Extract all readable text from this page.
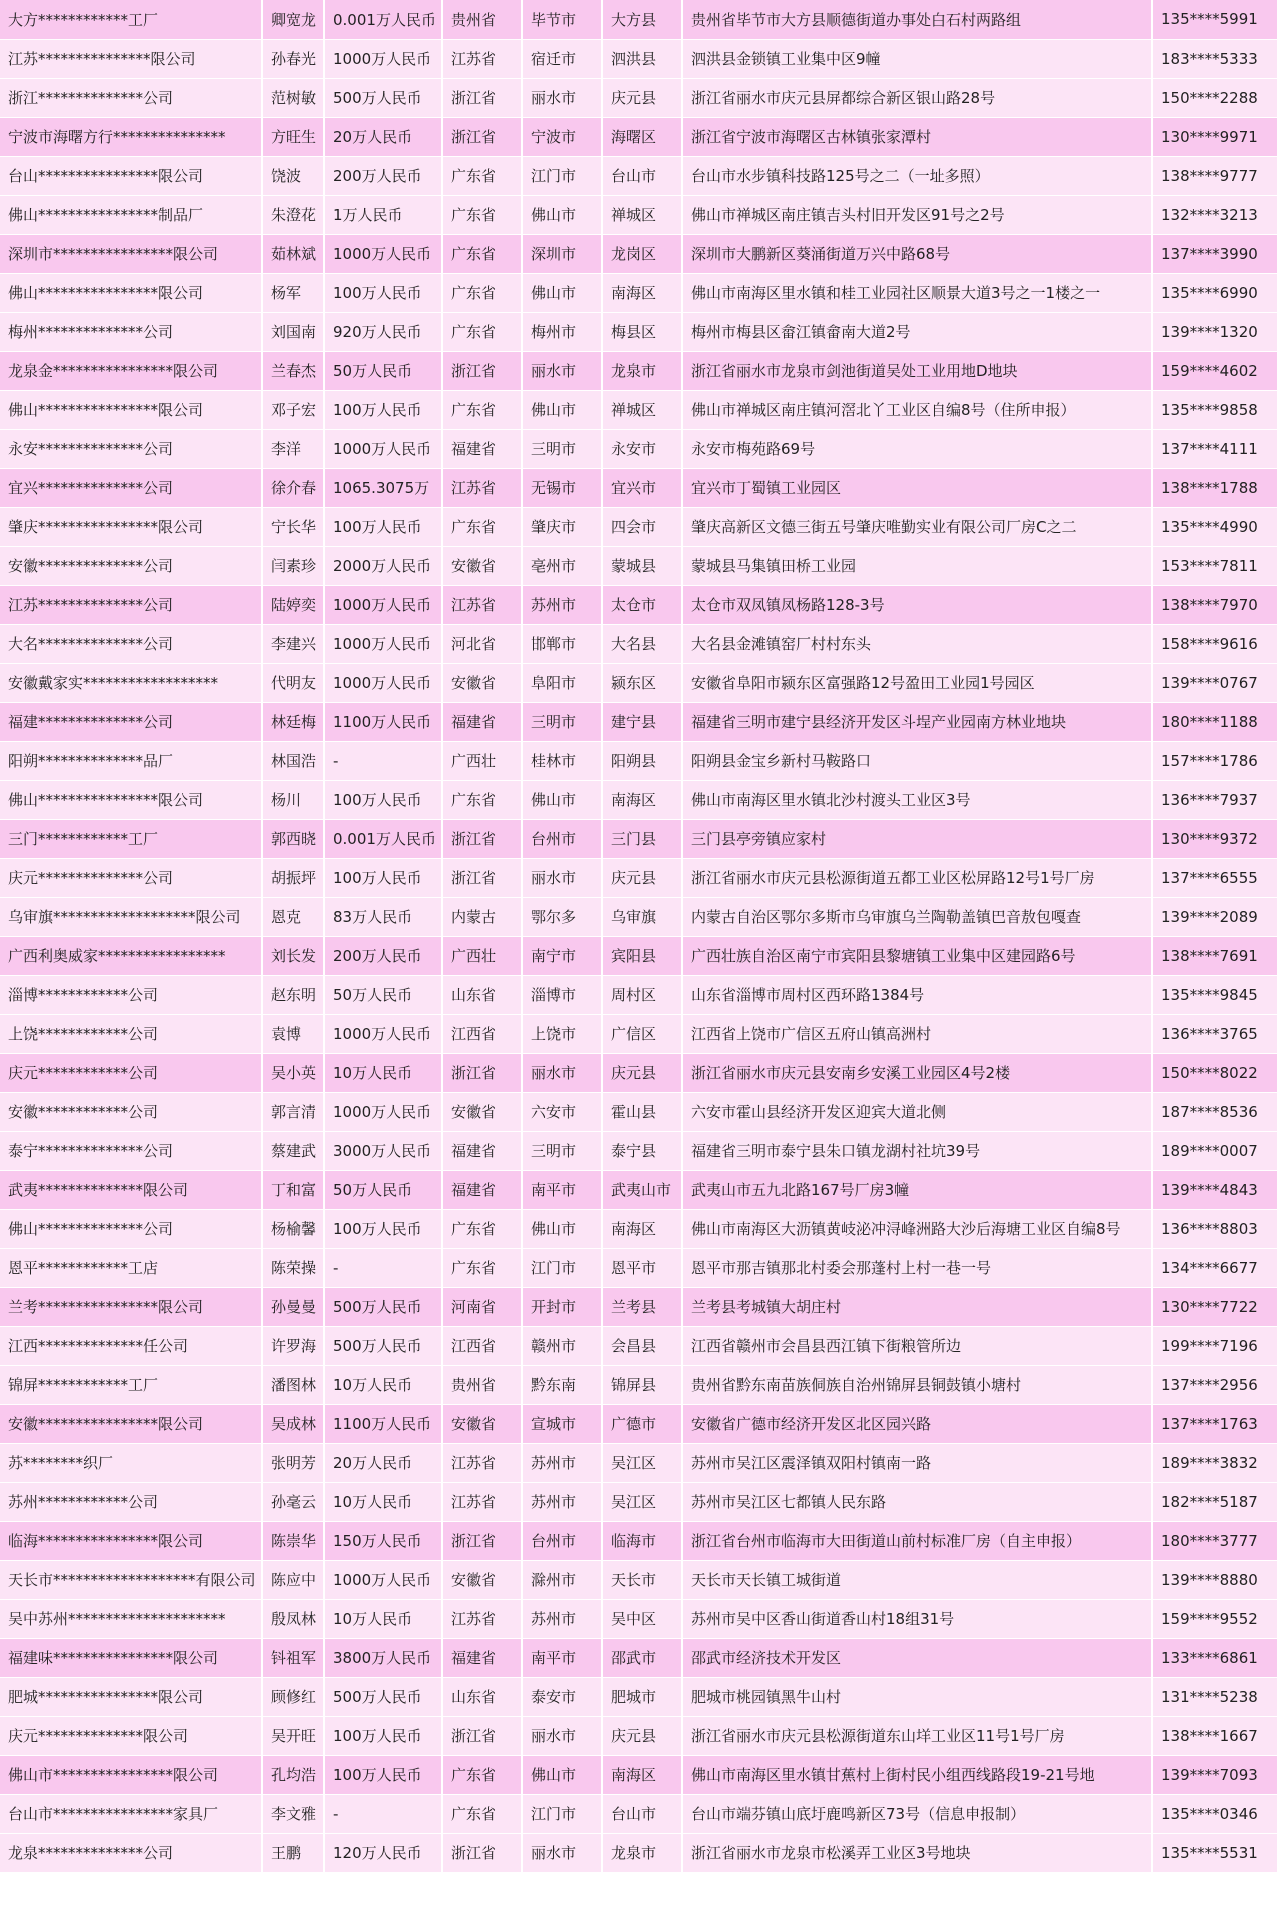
大方************工厂	卿宽龙	0.001万人民币	贵州省	毕节市	大方县	贵州省毕节市大方县顺德街道办事处白石村两路组	135****5991
江苏***************限公司	孙春光	1000万人民币	江苏省	宿迁市	泗洪县	泗洪县金锁镇工业集中区9幢	183****5333
浙江**************公司	范树敏	500万人民币	浙江省	丽水市	庆元县	浙江省丽水市庆元县屏都综合新区银山路28号	150****2288
宁波市海曙方行***************	方旺生	20万人民币	浙江省	宁波市	海曙区	浙江省宁波市海曙区古林镇张家潭村	130****9971
台山****************限公司	饶波	200万人民币	广东省	江门市	台山市	台山市水步镇科技路125号之二（一址多照）	138****9777
佛山****************制品厂	朱澄花	1万人民币	广东省	佛山市	禅城区	佛山市禅城区南庄镇吉头村旧开发区91号之2号	132****3213
深圳市****************限公司	茹林斌	1000万人民币	广东省	深圳市	龙岗区	深圳市大鹏新区葵涌街道万兴中路68号	137****3990
佛山****************限公司	杨军	100万人民币	广东省	佛山市	南海区	佛山市南海区里水镇和桂工业园社区顺景大道3号之一1楼之一	135****6990
梅州**************公司	刘国南	920万人民币	广东省	梅州市	梅县区	梅州市梅县区畲江镇畲南大道2号	139****1320
龙泉金****************限公司	兰春杰	50万人民币	浙江省	丽水市	龙泉市	浙江省丽水市龙泉市剑池街道吴处工业用地D地块	159****4602
佛山****************限公司	邓子宏	100万人民币	广东省	佛山市	禅城区	佛山市禅城区南庄镇河滘北丫工业区自编8号（住所申报）	135****9858
永安**************公司	李洋	1000万人民币	福建省	三明市	永安市	永安市梅苑路69号	137****4111
宜兴**************公司	徐介春	1065.3075万	江苏省	无锡市	宜兴市	宜兴市丁蜀镇工业园区	138****1788
肇庆****************限公司	宁长华	100万人民币	广东省	肇庆市	四会市	肇庆高新区文德三街五号肇庆唯勤实业有限公司厂房C之二	135****4990
安徽**************公司	闫素珍	2000万人民币	安徽省	亳州市	蒙城县	蒙城县马集镇田桥工业园	153****7811
江苏**************公司	陆婷奕	1000万人民币	江苏省	苏州市	太仓市	太仓市双凤镇凤杨路128-3号	138****7970
大名**************公司	李建兴	1000万人民币	河北省	邯郸市	大名县	大名县金滩镇窑厂村村东头	158****9616
安徽戴家实******************	代明友	1000万人民币	安徽省	阜阳市	颍东区	安徽省阜阳市颍东区富强路12号盈田工业园1号园区	139****0767
福建**************公司	林廷梅	1100万人民币	福建省	三明市	建宁县	福建省三明市建宁县经济开发区斗埕产业园南方林业地块	180****1188
阳朔**************品厂	林国浩	-	广西壮	桂林市	阳朔县	阳朔县金宝乡新村马鞍路口	157****1786
佛山****************限公司	杨川	100万人民币	广东省	佛山市	南海区	佛山市南海区里水镇北沙村渡头工业区3号	136****7937
三门************工厂	郭西晓	0.001万人民币	浙江省	台州市	三门县	三门县亭旁镇应家村	130****9372
庆元**************公司	胡振坪	100万人民币	浙江省	丽水市	庆元县	浙江省丽水市庆元县松源街道五都工业区松屏路12号1号厂房	137****6555
乌审旗*******************限公司	恩克	83万人民币	内蒙古	鄂尔多	乌审旗	内蒙古自治区鄂尔多斯市乌审旗乌兰陶勒盖镇巴音敖包嘎查	139****2089
广西利奥威家*****************	刘长发	200万人民币	广西壮	南宁市	宾阳县	广西壮族自治区南宁市宾阳县黎塘镇工业集中区建园路6号	138****7691
淄博************公司	赵东明	50万人民币	山东省	淄博市	周村区	山东省淄博市周村区西环路1384号	135****9845
上饶************公司	袁博	1000万人民币	江西省	上饶市	广信区	江西省上饶市广信区五府山镇高洲村	136****3765
庆元************公司	吴小英	10万人民币	浙江省	丽水市	庆元县	浙江省丽水市庆元县安南乡安溪工业园区4号2楼	150****8022
安徽************公司	郭言清	1000万人民币	安徽省	六安市	霍山县	六安市霍山县经济开发区迎宾大道北侧	187****8536
泰宁**************公司	蔡建武	3000万人民币	福建省	三明市	泰宁县	福建省三明市泰宁县朱口镇龙湖村社坑39号	189****0007
武夷**************限公司	丁和富	50万人民币	福建省	南平市	武夷山市	武夷山市五九北路167号厂房3幢	139****4843
佛山**************公司	杨榆馨	100万人民币	广东省	佛山市	南海区	佛山市南海区大沥镇黄岐泌冲浔峰洲路大沙后海塘工业区自编8号	136****8803
恩平************工店	陈荣操	-	广东省	江门市	恩平市	恩平市那吉镇那北村委会那蓬村上村一巷一号	134****6677
兰考****************限公司	孙曼曼	500万人民币	河南省	开封市	兰考县	兰考县考城镇大胡庄村	130****7722
江西**************任公司	许罗海	500万人民币	江西省	赣州市	会昌县	江西省赣州市会昌县西江镇下街粮管所边	199****7196
锦屏************工厂	潘图林	10万人民币	贵州省	黔东南	锦屏县	贵州省黔东南苗族侗族自治州锦屏县铜鼓镇小塘村	137****2956
安徽****************限公司	吴成林	1100万人民币	安徽省	宣城市	广德市	安徽省广德市经济开发区北区园兴路	137****1763
苏********织厂	张明芳	20万人民币	江苏省	苏州市	吴江区	苏州市吴江区震泽镇双阳村镇南一路	189****3832
苏州************公司	孙毫云	10万人民币	江苏省	苏州市	吴江区	苏州市吴江区七都镇人民东路	182****5187
临海****************限公司	陈崇华	150万人民币	浙江省	台州市	临海市	浙江省台州市临海市大田街道山前村标准厂房（自主申报）	180****3777
天长市*******************有限公司	陈应中	1000万人民币	安徽省	滁州市	天长市	天长市天长镇工城街道	139****8880
吴中苏州*********************	殷凤林	10万人民币	江苏省	苏州市	吴中区	苏州市吴中区香山街道香山村18组31号	159****9552
福建味****************限公司	钭祖军	3800万人民币	福建省	南平市	邵武市	邵武市经济技术开发区	133****6861
肥城****************限公司	顾修红	500万人民币	山东省	泰安市	肥城市	肥城市桃园镇黑牛山村	131****5238
庆元**************限公司	吴开旺	100万人民币	浙江省	丽水市	庆元县	浙江省丽水市庆元县松源街道东山垟工业区11号1号厂房	138****1667
佛山市****************限公司	孔均浩	100万人民币	广东省	佛山市	南海区	佛山市南海区里水镇甘蕉村上街村民小组西线路段19-21号地	139****7093
台山市****************家具厂	李文雅	-	广东省	江门市	台山市	台山市端芬镇山底圩鹿鸣新区73号（信息申报制）	135****0346
龙泉**************公司	王鹏	120万人民币	浙江省	丽水市	龙泉市	浙江省丽水市龙泉市松溪弄工业区3号地块	135****5531
